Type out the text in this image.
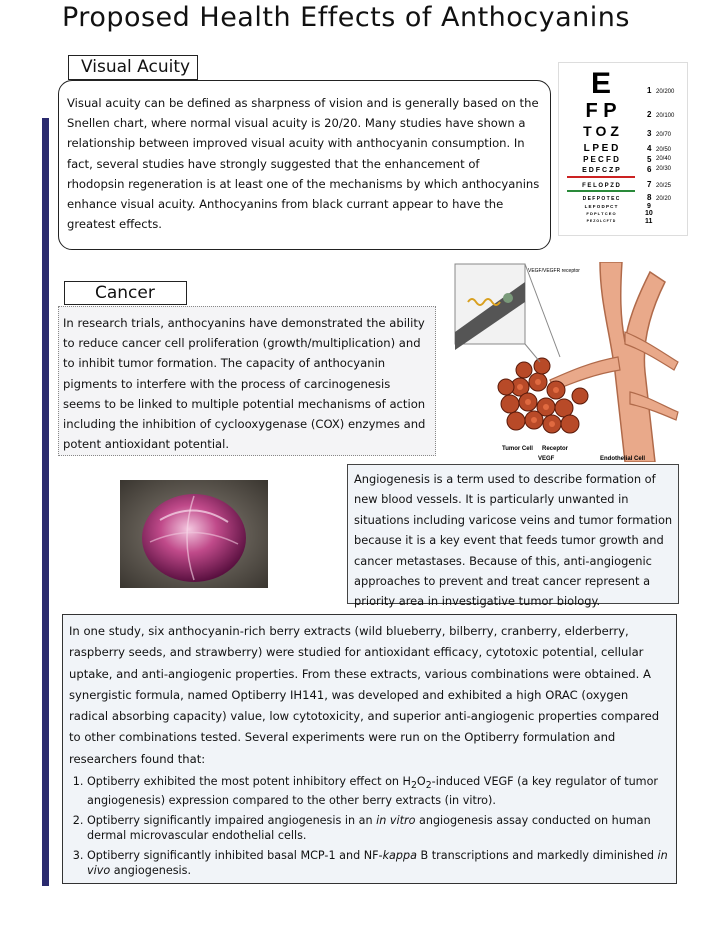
Proposed Health Effects of Anthocyanins
Visual acuity can be defined as sharpness of vision and is generally based on the Snellen chart, where normal visual acuity is 20/20. Many studies have shown a relationship between improved visual acuity with anthocyanin consumption. In fact, several studies have strongly suggested that the enhancement of rhodopsin regeneration is at least one of the mechanisms by which anthocyanins enhance visual acuity. Anthocyanins from black currant appear to have the greatest effects.
Visual Acuity	E
F P
T O Z
L P E D
P E C F D
E D F C Z P
F E L O P Z D
D E F P O T E C
L E F O D P C T
F D P L T C E O
P E Z O L C F T D
1
2
3
4
5
6
7
8
9
10
11
20/200
20/100
20/70
20/50
20/40
20/30
20/25
20/20
In research trials, anthocyanins have demonstrated the ability to reduce cancer cell proliferation (growth/multiplication) and to inhibit tumor formation. The capacity of anthocyanin pigments to interfere with the process of carcinogenesis seems to be linked to multiple potential mechanisms of action including the inhibition of cyclooxygenase (COX) enzymes and potent antioxidant potential.
Cancer
VEGF/VEGFR receptor
Tumor Cell Receptor
VEGF	Endothelial Cell
Angiogenesis is a term used to describe formation of new blood vessels. It is particularly unwanted in situations including varicose veins and tumor formation because it is a key event that feeds tumor growth and cancer metastases. Because of this, anti-angiogenic approaches to prevent and treat cancer represent a priority area in investigative tumor biology.
In one study, six anthocyanin-rich berry extracts (wild blueberry, bilberry, cranberry, elderberry, raspberry seeds, and strawberry) were studied for antioxidant efficacy, cytotoxic potential, cellular uptake, and anti-angiogenic properties. From these extracts, various combinations were obtained. A synergistic formula, named Optiberry IH141, was developed and exhibited a high ORAC (oxygen radical absorbing capacity) value, low cytotoxicity, and superior anti-angiogenic properties compared to other combinations tested. Several experiments were run on the Optiberry formulation and researchers found that:
1. Optiberry exhibited the most potent inhibitory effect on $H_2O_2$-induced VEGF (a key regulator of tumor angiogenesis) expression compared to the other berry extracts (in vitro).
2. Optiberry significantly impaired angiogenesis in an in vitro angiogenesis assay conducted on human dermal microvascular endothelial cells.
3. Optiberry significantly inhibited basal MCP-1 and NF-kappa B transcriptions and markedly diminished in vivo angiogenesis.
